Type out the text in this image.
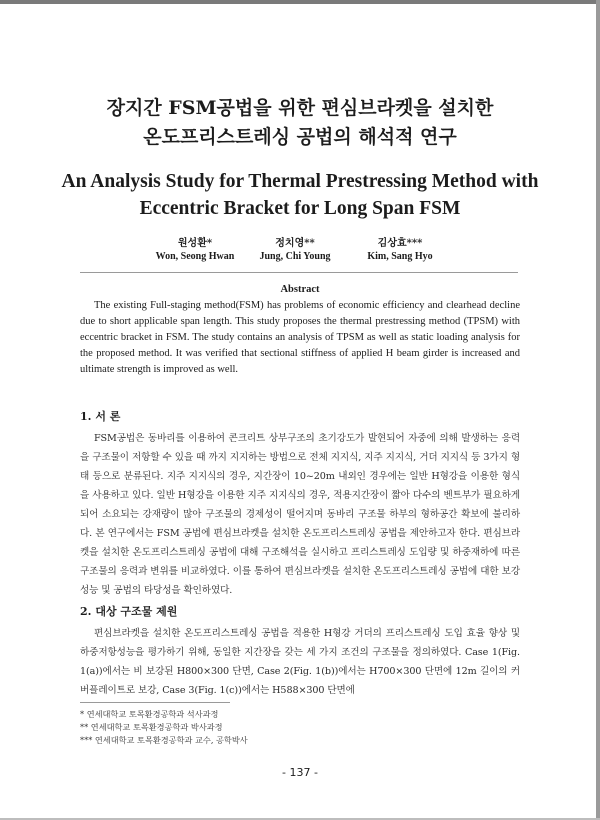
장지간 FSM공법을 위한 편심브라켓을 설치한
온도프리스트레싱 공법의 해석적 연구
An Analysis Study for Thermal Prestressing Method with
Eccentric Bracket for Long Span FSM
원성환*
Won, Seong Hwan
정치영**
Jung, Chi Young
김상효***
Kim, Sang Hyo
Abstract
The existing Full-staging method(FSM) has problems of economic efficiency and clearhead decline due to short applicable span length. This study proposes the thermal prestressing method (TPSM) with eccentric bracket in FSM. The study contains an analysis of TPSM as well as static loading analysis for the proposed method. It was verified that sectional stiffness of applied H beam girder is increased and ultimate strength is improved as well.
1. 서 론
FSM공법은 동바리를 이용하여 콘크리트 상부구조의 초기강도가 발현되어 자중에 의해 발생하는 응력을 구조물이 저항할 수 있을 때 까지 지지하는 방법으로 전체 지지식, 지주 지지식, 거더 지지식 등 3가지 형태 등으로 분류된다. 지주 지지식의 경우, 지간장이 10~20m 내외인 경우에는 일반 H형강을 이용한 형식을 사용하고 있다. 일반 H형강을 이용한 지주 지지식의 경우, 적용지간장이 짧아 다수의 벤트부가 필요하게 되어 소요되는 강재량이 많아 구조물의 경제성이 떨어지며 동바리 구조물 하부의 형하공간 확보에 불리하다. 본 연구에서는 FSM 공법에 편심브라켓을 설치한 온도프리스트레싱 공법을 제안하고자 한다. 편심브라켓을 설치한 온도프리스트레싱 공법에 대해 구조해석을 실시하고 프리스트레싱 도입량 및 하중재하에 따른 구조물의 응력과 변위를 비교하였다. 이를 통하여 편심브라켓을 설치한 온도프리스트레싱 공법에 대한 보강성능 및 공법의 타당성을 확인하였다.
2. 대상 구조물 제원
편심브라켓을 설치한 온도프리스트레싱 공법을 적용한 H형강 거더의 프리스트레싱 도입 효율 향상 및 하중저항성능을 평가하기 위해, 동일한 지간장을 갖는 세 가지 조건의 구조물을 정의하였다. Case 1(Fig. 1(a))에서는 비 보강된 H800×300 단면, Case 2(Fig. 1(b))에서는 H700×300 단면에 12m 길이의 커버플레이트로 보강, Case 3(Fig. 1(c))에서는 H588×300 단면에
* 연세대학교 토목환경공학과 석사과정
** 연세대학교 토목환경공학과 박사과정
*** 연세대학교 토목환경공학과 교수, 공학박사
- 137 -
